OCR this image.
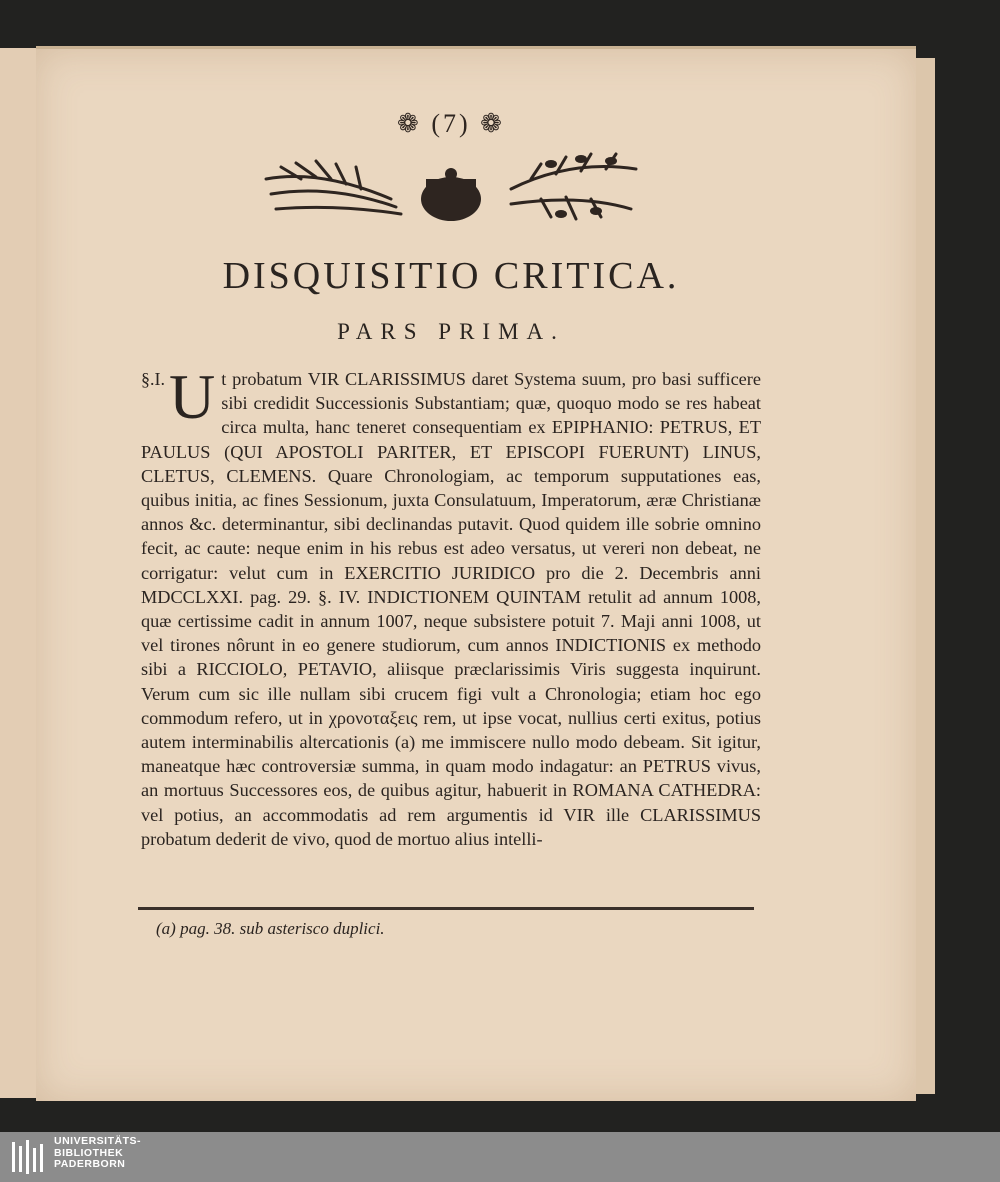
❁ (7) ❁
DISQUISITIO CRITICA.
PARS PRIMA.
§.I. U t probatum VIR CLARISSIMUS daret Systema suum, pro basi sufficere sibi credidit Successionis Substantiam; quæ, quoquo modo se res habeat circa multa, hanc teneret consequentiam ex EPIPHANIO: PETRUS, ET PAULUS (QUI APOSTOLI PARITER, ET EPISCOPI FUERUNT) LINUS, CLETUS, CLEMENS. Quare Chronologiam, ac temporum supputationes eas, quibus initia, ac fines Sessionum, juxta Consulatuum, Imperatorum, æræ Christianæ annos &c. determinantur, sibi declinandas putavit. Quod quidem ille sobrie omnino fecit, ac caute: neque enim in his rebus est adeo versatus, ut vereri non debeat, ne corrigatur: velut cum in EXERCITIO JURIDICO pro die 2. Decembris anni MDCCLXXI. pag. 29. §. IV. INDICTIONEM QUINTAM retulit ad annum 1008, quæ certissime cadit in annum 1007, neque subsistere potuit 7. Maji anni 1008, ut vel tirones nôrunt in eo genere studiorum, cum annos INDICTIONIS ex methodo sibi a RICCIOLO, PETAVIO, aliisque præclarissimis Viris suggesta inquirunt. Verum cum sic ille nullam sibi crucem figi vult a Chronologia; etiam hoc ego commodum refero, ut in χρονοταξεις rem, ut ipse vocat, nullius certi exitus, potius autem interminabilis altercationis (a) me immiscere nullo modo debeam. Sit igitur, maneatque hæc controversiæ summa, in quam modo indagatur: an PETRUS vivus, an mortuus Successores eos, de quibus agitur, habuerit in ROMANA CATHEDRA: vel potius, an accommodatis ad rem argumentis id VIR ille CLARISSIMUS probatum dederit de vivo, quod de mortuo alius intelli-
(a) pag. 38. sub asterisco duplici.
UNIVERSITÄTS-
BIBLIOTHEK
PADERBORN
